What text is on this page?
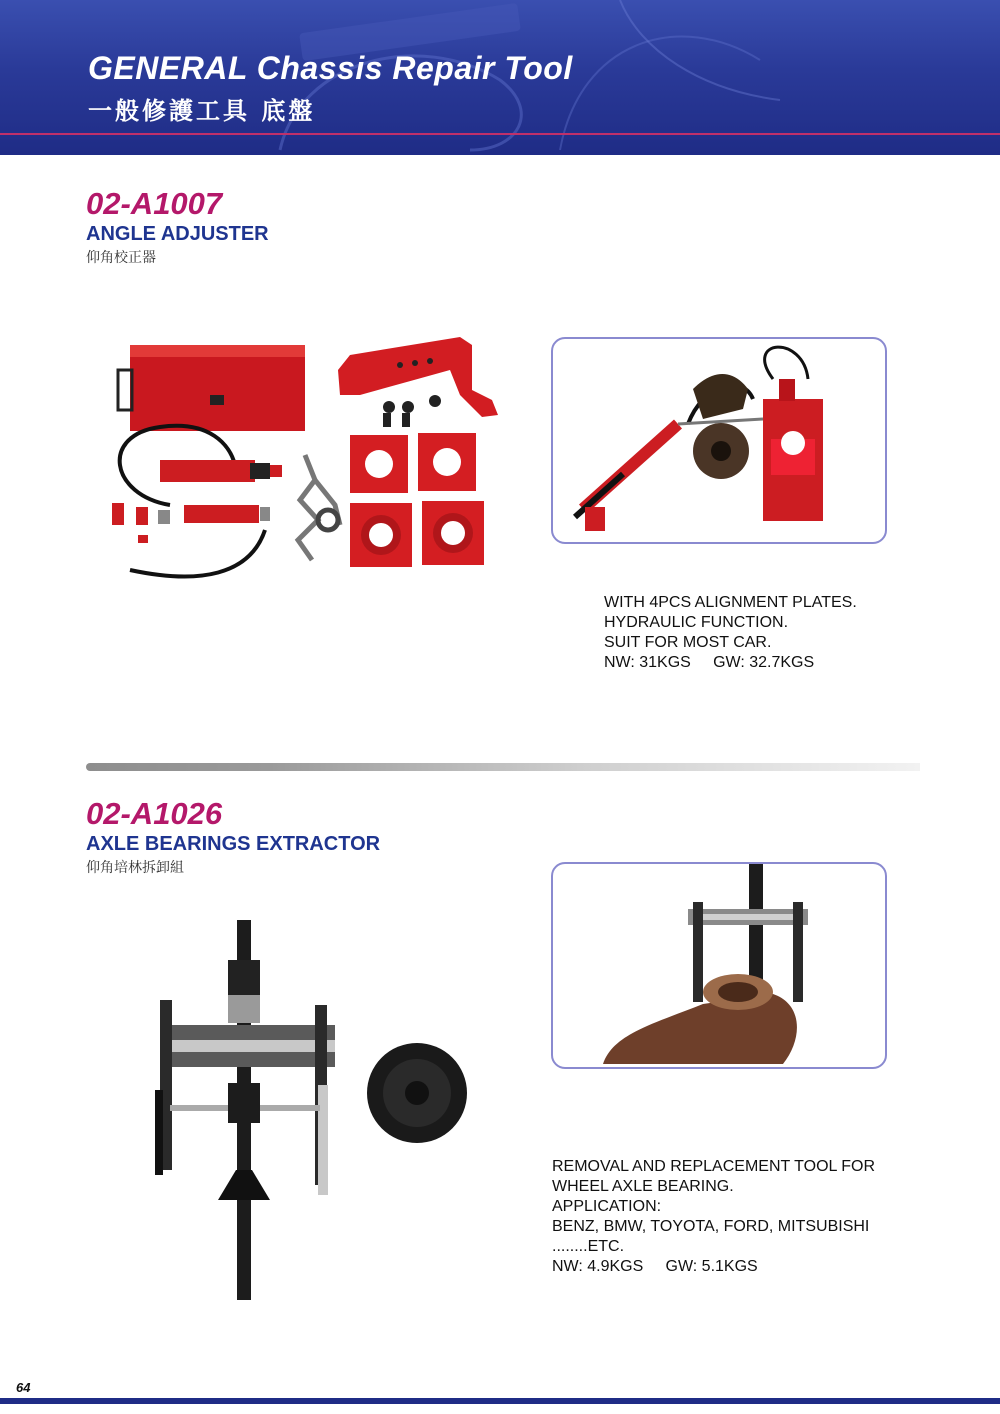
GENERAL Chassis Repair Tool
一般修護工具 底盤
02-A1007
ANGLE ADJUSTER
仰角校正器
WITH 4PCS ALIGNMENT PLATES.
HYDRAULIC FUNCTION.
SUIT FOR MOST CAR.
NW: 31KGS     GW: 32.7KGS
02-A1026
AXLE BEARINGS EXTRACTOR
仰角培林拆卸組
REMOVAL AND REPLACEMENT TOOL FOR
WHEEL AXLE BEARING.
APPLICATION:
BENZ, BMW, TOYOTA, FORD, MITSUBISHI
........ETC.
NW: 4.9KGS     GW: 5.1KGS
64
